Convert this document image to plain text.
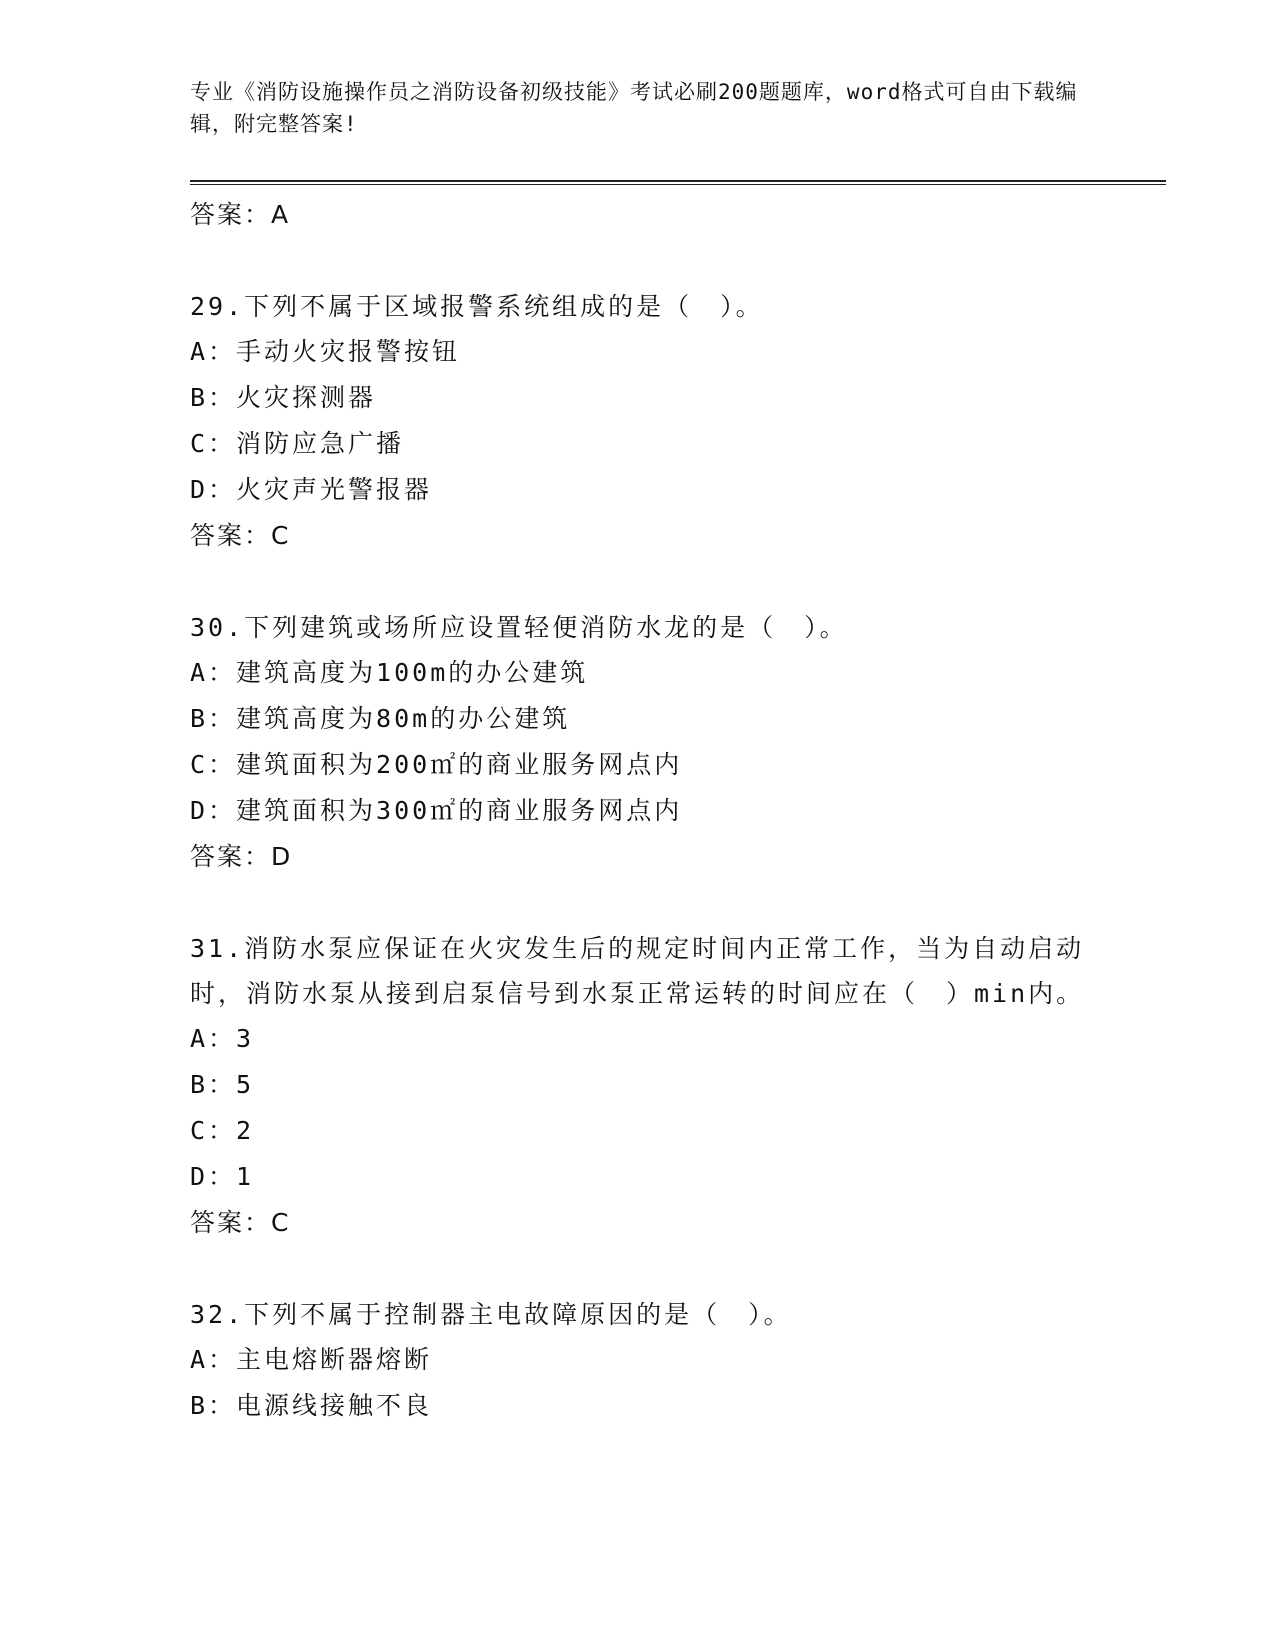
专业《消防设施操作员之消防设备初级技能》考试必刷200题题库，word格式可自由下载编辑，附完整答案!
答案：A
29.下列不属于区域报警系统组成的是（　）。
A：手动火灾报警按钮
B：火灾探测器
C：消防应急广播
D：火灾声光警报器
答案：C
30.下列建筑或场所应设置轻便消防水龙的是（　）。
A：建筑高度为100m的办公建筑
B：建筑高度为80m的办公建筑
C：建筑面积为200㎡的商业服务网点内
D：建筑面积为300㎡的商业服务网点内
答案：D
31.消防水泵应保证在火灾发生后的规定时间内正常工作，当为自动启动时，消防水泵从接到启泵信号到水泵正常运转的时间应在（　）min内。
A：3
B：5
C：2
D：1
答案：C
32.下列不属于控制器主电故障原因的是（　）。
A：主电熔断器熔断
B：电源线接触不良
